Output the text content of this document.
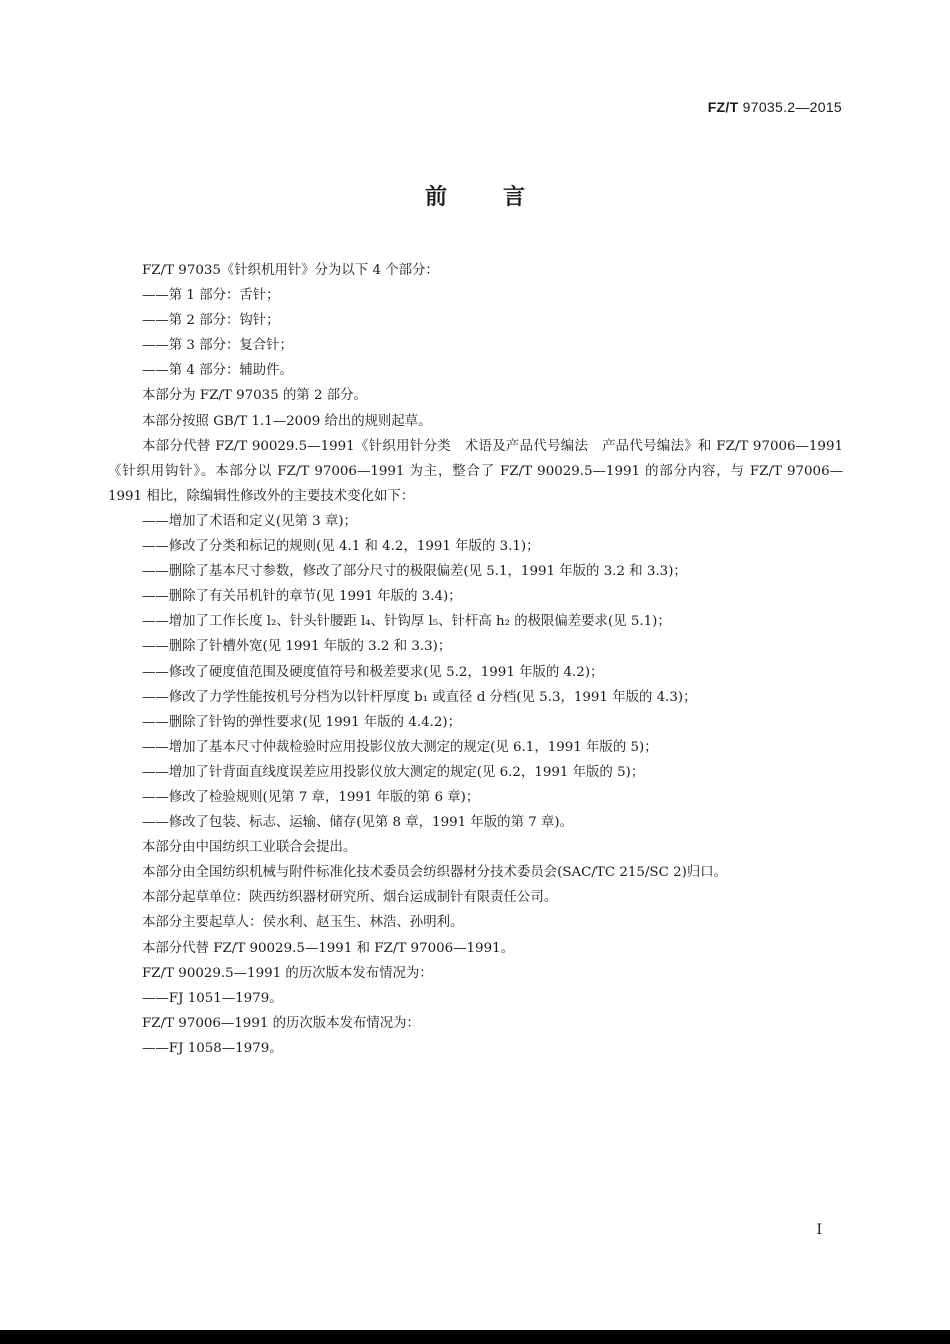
FZ/T 97035.2—2015
前言

FZ/T 97035《针织机用针》分为以下 4 个部分：

——第 1 部分：舌针；

——第 2 部分：钩针；

——第 3 部分：复合针；

——第 4 部分：辅助件。

本部分为 FZ/T 97035 的第 2 部分。

本部分按照 GB/T 1.1—2009 给出的规则起草。

本部分代替 FZ/T 90029.5—1991《针织用针分类　术语及产品代号编法　产品代号编法》和 FZ/T 97006—1991《针织用钩针》。本部分以 FZ/T 97006—1991 为主，整合了 FZ/T 90029.5—1991 的部分内容，与 FZ/T 97006—1991 相比，除编辑性修改外的主要技术变化如下：

——增加了术语和定义(见第 3 章)；

——修改了分类和标记的规则(见 4.1 和 4.2，1991 年版的 3.1)；

——删除了基本尺寸参数，修改了部分尺寸的极限偏差(见 5.1，1991 年版的 3.2 和 3.3)；

——删除了有关吊机针的章节(见 1991 年版的 3.4)；

——增加了工作长度 l₂、针头针腰距 l₄、针钩厚 l₅、针杆高 h₂ 的极限偏差要求(见 5.1)；

——删除了针槽外宽(见 1991 年版的 3.2 和 3.3)；

——修改了硬度值范围及硬度值符号和极差要求(见 5.2，1991 年版的 4.2)；

——修改了力学性能按机号分档为以针杆厚度 b₁ 或直径 d 分档(见 5.3，1991 年版的 4.3)；

——删除了针钩的弹性要求(见 1991 年版的 4.4.2)；

——增加了基本尺寸仲裁检验时应用投影仪放大测定的规定(见 6.1，1991 年版的 5)；

——增加了针背面直线度误差应用投影仪放大测定的规定(见 6.2，1991 年版的 5)；

——修改了检验规则(见第 7 章，1991 年版的第 6 章)；

——修改了包装、标志、运输、储存(见第 8 章，1991 年版的第 7 章)。

本部分由中国纺织工业联合会提出。

本部分由全国纺织机械与附件标准化技术委员会纺织器材分技术委员会(SAC/TC 215/SC 2)归口。

本部分起草单位：陕西纺织器材研究所、烟台运成制针有限责任公司。

本部分主要起草人：侯水利、赵玉生、林浩、孙明利。

本部分代替 FZ/T 90029.5—1991 和 FZ/T 97006—1991。

FZ/T 90029.5—1991 的历次版本发布情况为：

——FJ 1051—1979。

FZ/T 97006—1991 的历次版本发布情况为：

——FJ 1058—1979。

I
